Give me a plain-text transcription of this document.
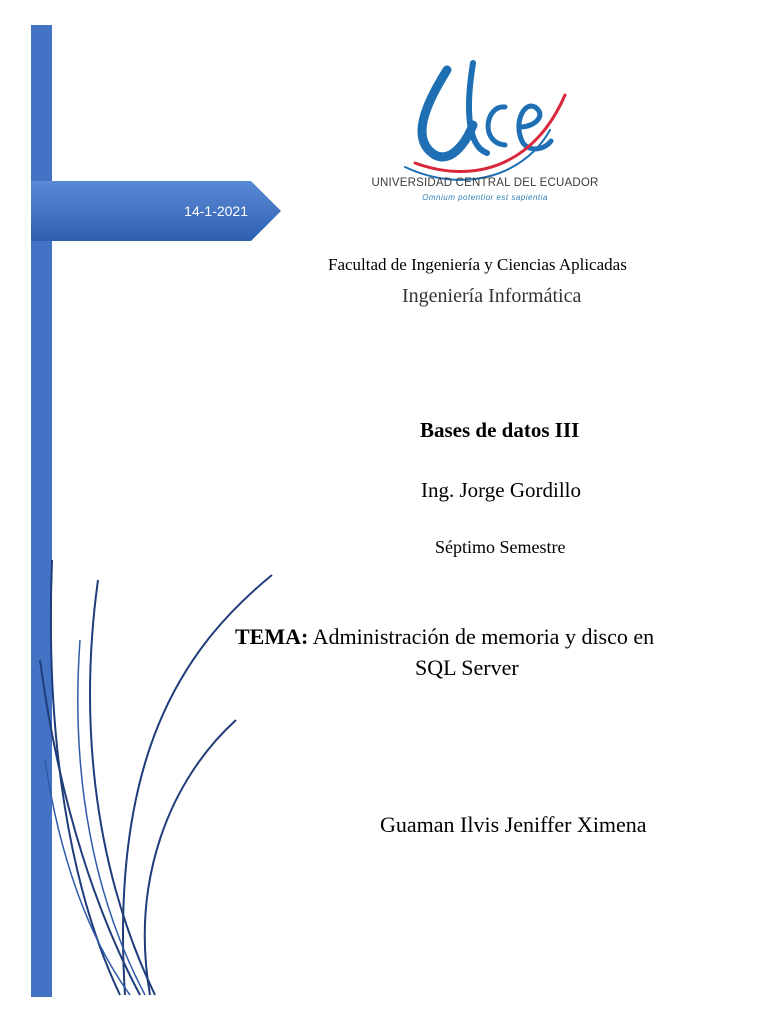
14-1-2021
UNIVERSIDAD CENTRAL DEL ECUADOR
Omnium potentior est sapientia
Facultad de Ingeniería y Ciencias Aplicadas
Ingeniería Informática
Bases de datos III
Ing. Jorge Gordillo
Séptimo Semestre
TEMA: Administración de memoria y disco en
SQL Server
Guaman Ilvis Jeniffer Ximena
